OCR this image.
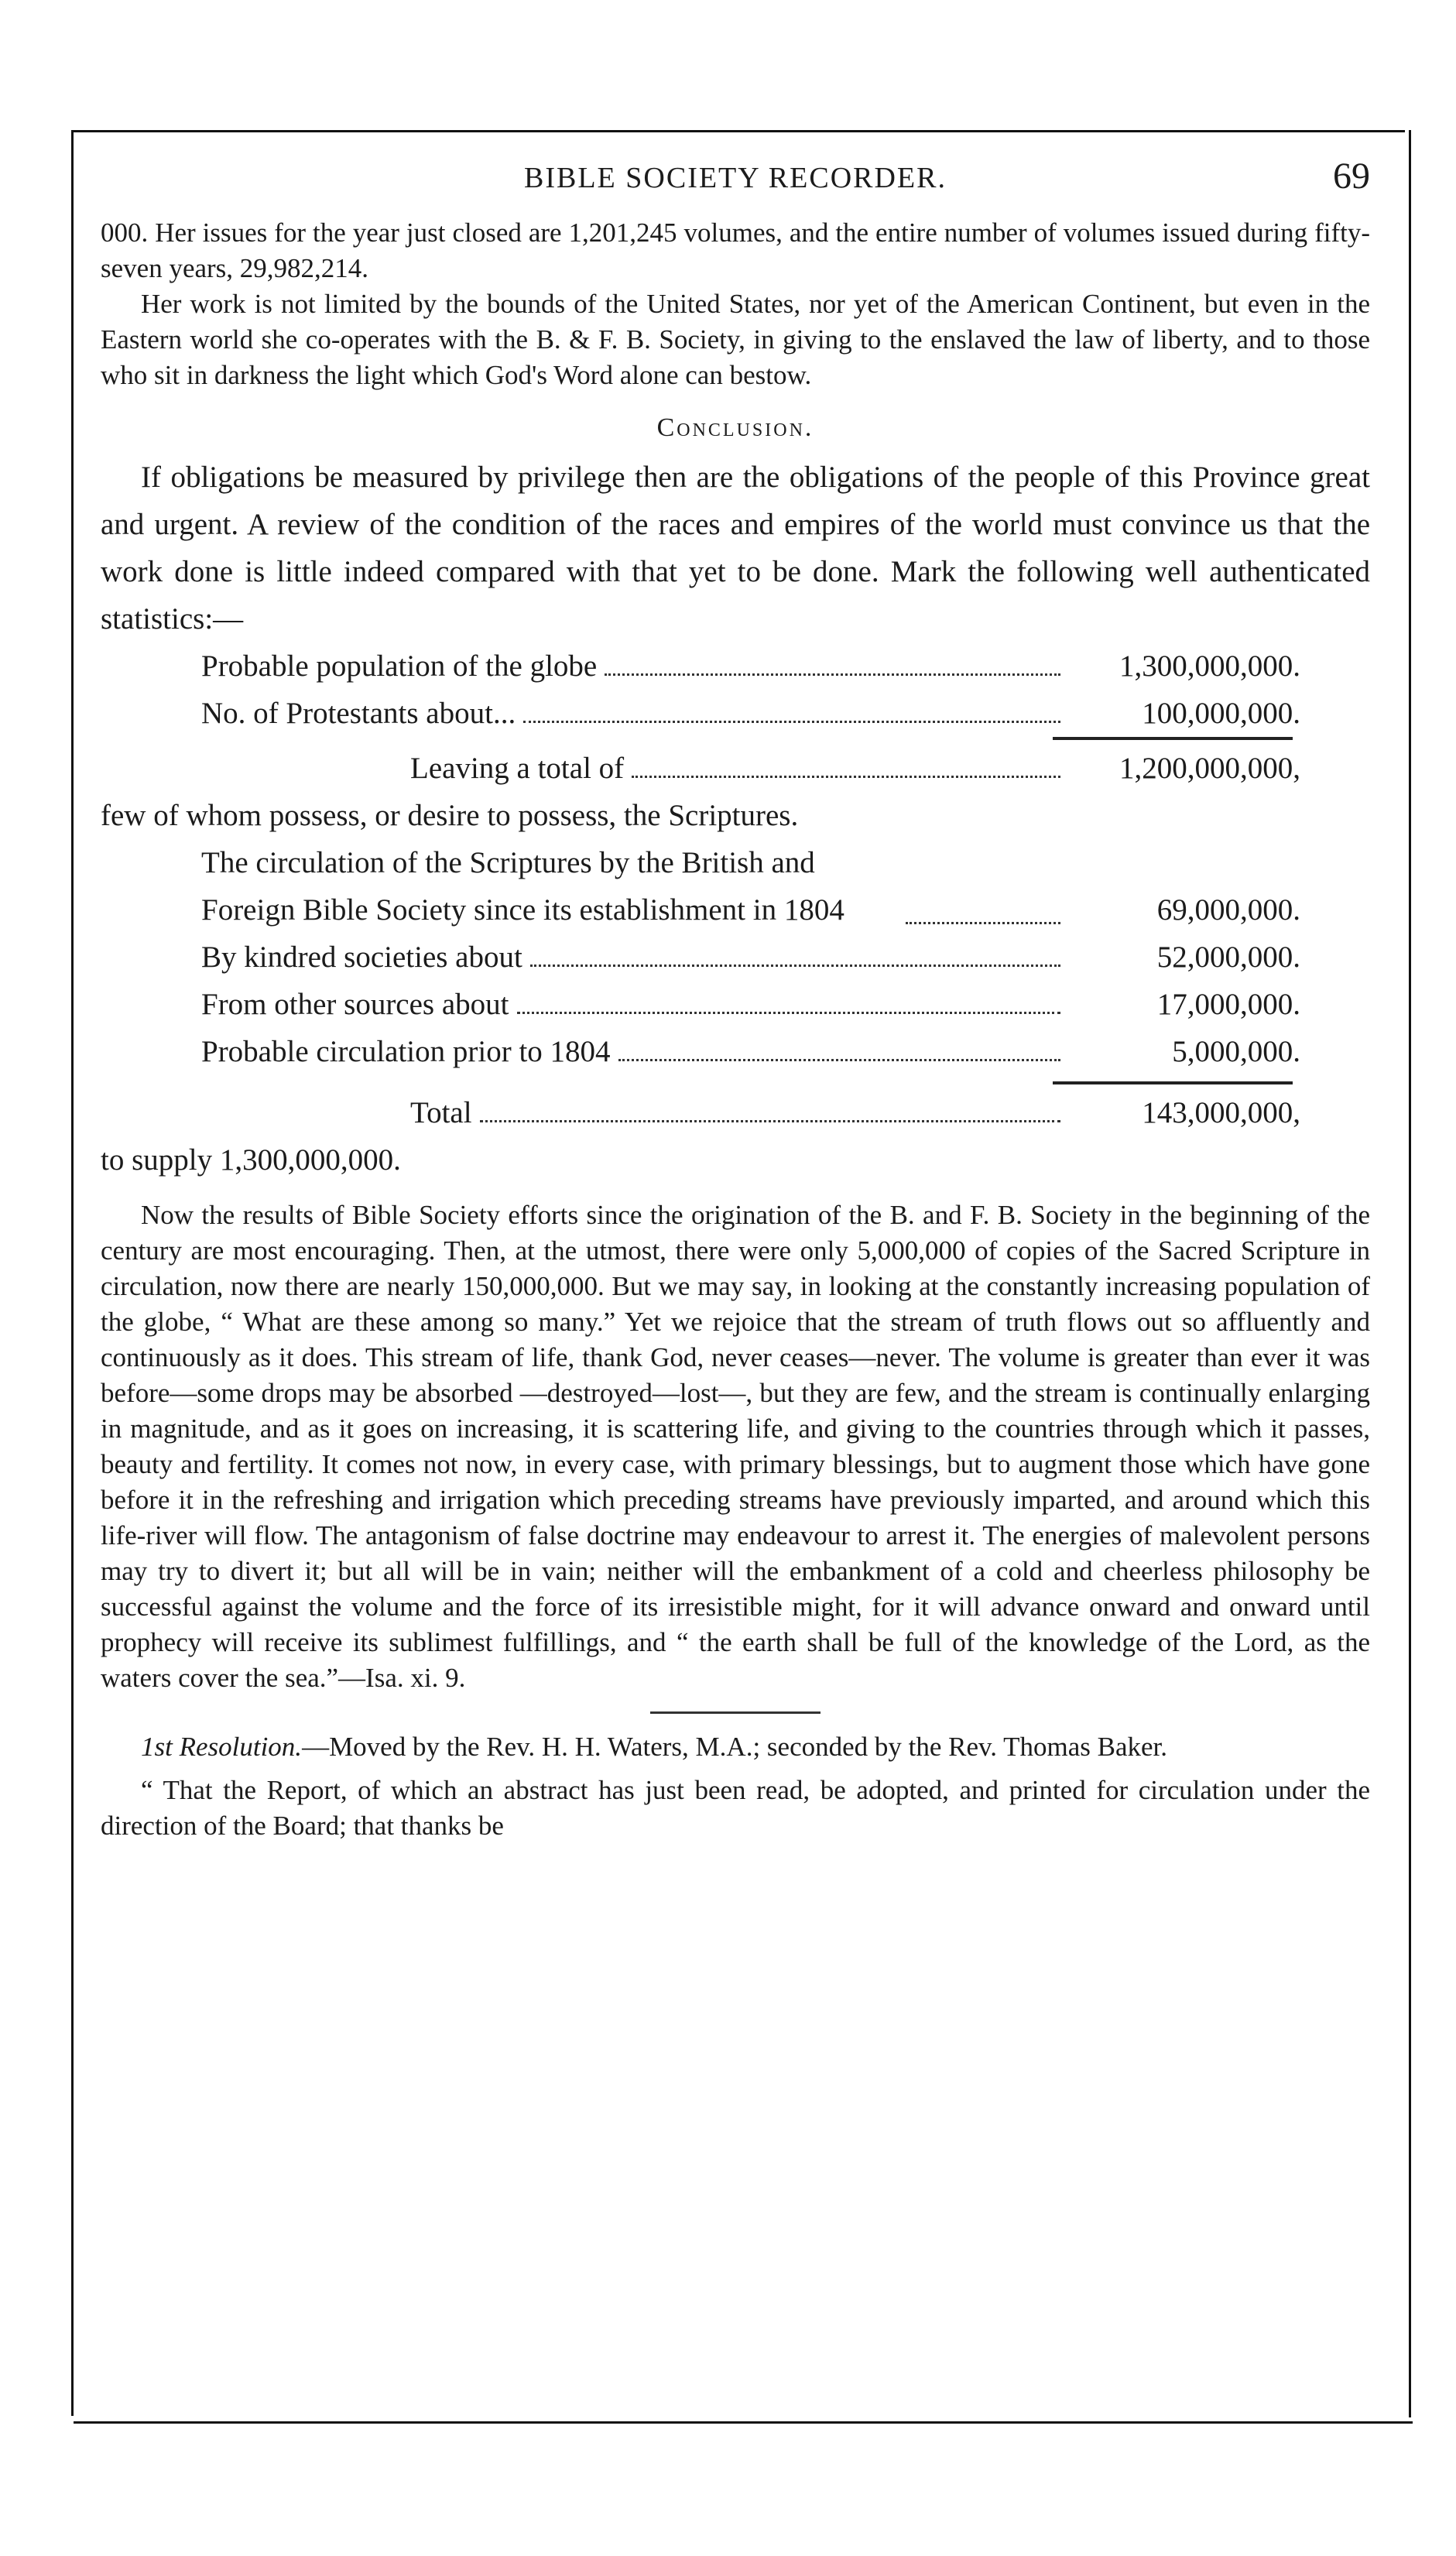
BIBLE SOCIETY RECORDER.	69

000. Her issues for the year just closed are 1,201,245 volumes, and the entire number of volumes issued during fifty-seven years, 29,982,214.

Her work is not limited by the bounds of the United States, nor yet of the American Continent, but even in the Eastern world she co-operates with the B. & F. B. Society, in giving to the enslaved the law of liberty, and to those who sit in darkness the light which God's Word alone can bestow.

Conclusion.

If obligations be measured by privilege then are the obligations of the people of this Province great and urgent. A review of the condition of the races and empires of the world must convince us that the work done is little indeed compared with that yet to be done. Mark the following well authenticated statistics:—

Probable population of the globe	1,300,000,000.
No. of Protestants about...	100,000,000.
Leaving a total of	1,200,000,000,

few of whom possess, or desire to possess, the Scriptures.

The circulation of the Scriptures by the British and Foreign Bible Society since its establishment in 1804	69,000,000.
By kindred societies about	52,000,000.
From other sources about	17,000,000.
Probable circulation prior to 1804	5,000,000.
Total	143,000,000,

to supply 1,300,000,000.

Now the results of Bible Society efforts since the origination of the B. and F. B. Society in the beginning of the century are most encouraging. Then, at the utmost, there were only 5,000,000 of copies of the Sacred Scripture in circulation, now there are nearly 150,000,000. But we may say, in looking at the constantly increasing population of the globe, “ What are these among so many.” Yet we rejoice that the stream of truth flows out so affluently and continuously as it does. This stream of life, thank God, never ceases—never. The volume is greater than ever it was before—some drops may be absorbed —destroyed—lost—, but they are few, and the stream is continually enlarging in magnitude, and as it goes on increasing, it is scattering life, and giving to the countries through which it passes, beauty and fertility. It comes not now, in every case, with primary blessings, but to augment those which have gone before it in the refreshing and irrigation which preceding streams have previously imparted, and around which this life-river will flow. The antagonism of false doctrine may endeavour to arrest it. The energies of malevolent persons may try to divert it; but all will be in vain; neither will the embankment of a cold and cheerless philosophy be successful against the volume and the force of its irresistible might, for it will advance onward and onward until prophecy will receive its sublimest fulfillings, and “ the earth shall be full of the knowledge of the Lord, as the waters cover the sea.”—Isa. xi. 9.

1st Resolution.—Moved by the Rev. H. H. Waters, M.A.; seconded by the Rev. Thomas Baker.

“ That the Report, of which an abstract has just been read, be adopted, and printed for circulation under the direction of the Board; that thanks be
